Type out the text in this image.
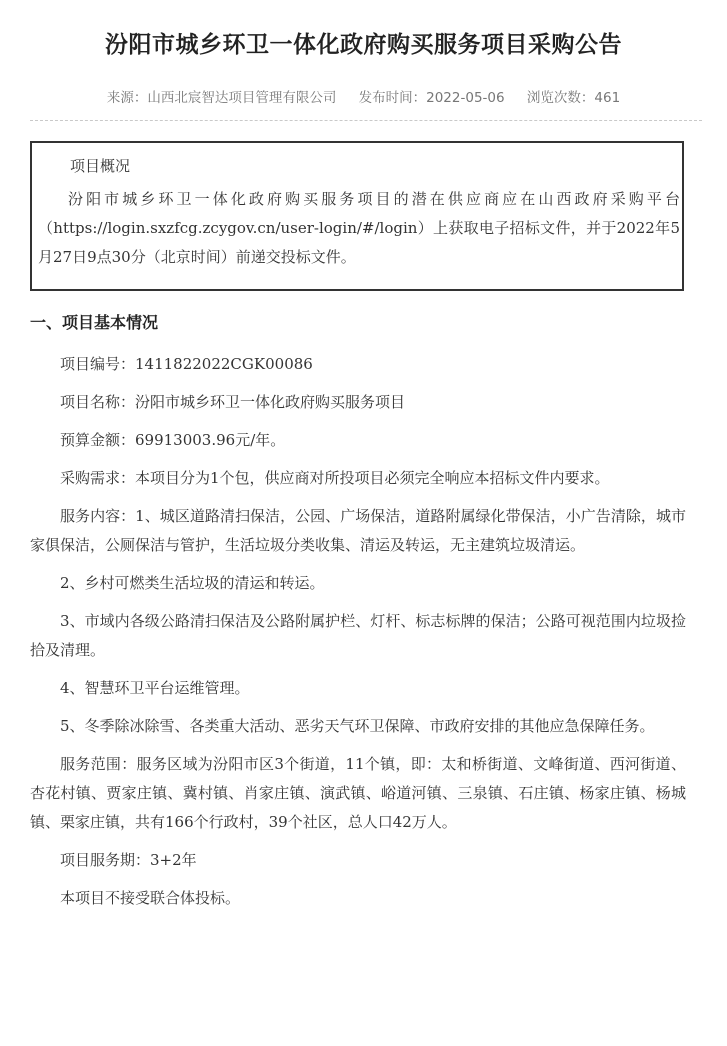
汾阳市城乡环卫一体化政府购买服务项目采购公告
来源：山西北宸智达项目管理有限公司 发布时间：2022-05-06 浏览次数：461
项目概况
汾阳市城乡环卫一体化政府购买服务项目的潜在供应商应在山西政府采购平台（https://login.sxzfcg.zcygov.cn/user-login/#/login）上获取电子招标文件，并于2022年5月27日9点30分（北京时间）前递交投标文件。
一、项目基本情况

项目编号：1411822022CGK00086

项目名称：汾阳市城乡环卫一体化政府购买服务项目

预算金额：69913003.96元/年。

采购需求：本项目分为1个包，供应商对所投项目必须完全响应本招标文件内要求。

服务内容：1、城区道路清扫保洁，公园、广场保洁，道路附属绿化带保洁，小广告清除，城市家俱保洁，公厕保洁与管护，生活垃圾分类收集、清运及转运，无主建筑垃圾清运。

2、乡村可燃类生活垃圾的清运和转运。

3、市域内各级公路清扫保洁及公路附属护栏、灯杆、标志标牌的保洁；公路可视范围内垃圾捡拾及清理。

4、智慧环卫平台运维管理。

5、冬季除冰除雪、各类重大活动、恶劣天气环卫保障、市政府安排的其他应急保障任务。

服务范围：服务区域为汾阳市区3个街道，11个镇，即：太和桥街道、文峰街道、西河街道、杏花村镇、贾家庄镇、冀村镇、肖家庄镇、演武镇、峪道河镇、三泉镇、石庄镇、杨家庄镇、杨城镇、栗家庄镇，共有166个行政村，39个社区，总人口42万人。

项目服务期：3+2年

本项目不接受联合体投标。
